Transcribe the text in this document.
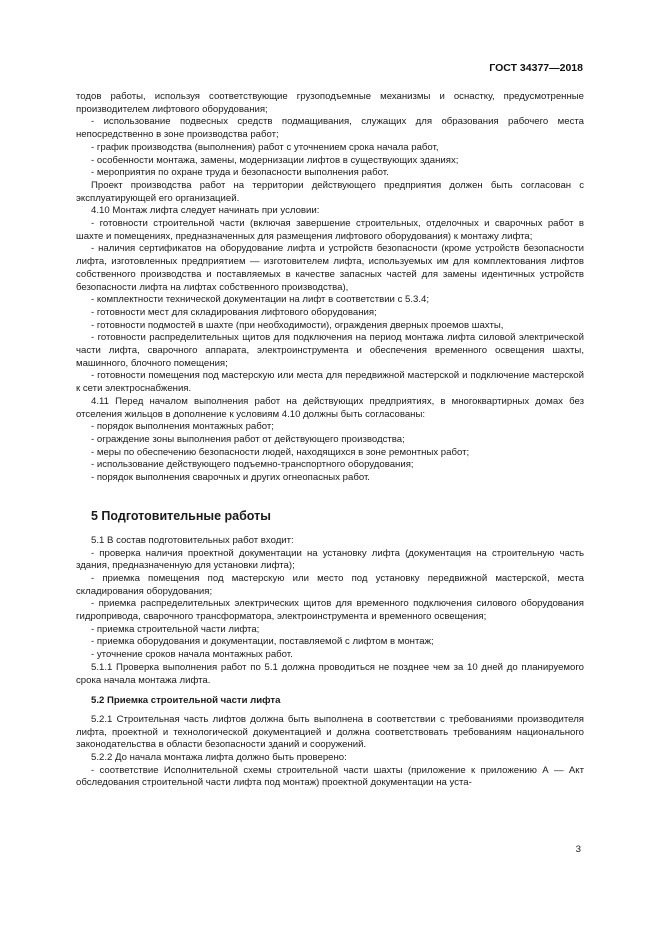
ГОСТ 34377—2018

тодов работы, используя соответствующие грузоподъемные механизмы и оснастку, предусмотренные производителем лифтового оборудования;

- использование подвесных средств подмащивания, служащих для образования рабочего места непосредственно в зоне производства работ;

- график производства (выполнения) работ с уточнением срока начала работ,

- особенности монтажа, замены, модернизации лифтов в существующих зданиях;

- мероприятия по охране труда и безопасности выполнения работ.

Проект производства работ на территории действующего предприятия должен быть согласован с эксплуатирующей его организацией.

4.10 Монтаж лифта следует начинать при условии:

- готовности строительной части (включая завершение строительных, отделочных и сварочных работ в шахте и помещениях, предназначенных для размещения лифтового оборудования) к монтажу лифта;

- наличия сертификатов на оборудование лифта и устройств безопасности (кроме устройств безопасности лифта, изготовленных предприятием — изготовителем лифта, используемых им для комплектования лифтов собственного производства и поставляемых в качестве запасных частей для замены идентичных устройств безопасности лифта на лифтах собственного производства),

- комплектности технической документации на лифт в соответствии с 5.3.4;

- готовности мест для складирования лифтового оборудования;

- готовности подмостей в шахте (при необходимости), ограждения дверных проемов шахты,

- готовности распределительных щитов для подключения на период монтажа лифта силовой электрической части лифта, сварочного аппарата, электроинструмента и обеспечения временного освещения шахты, машинного, блочного помещения;

- готовности помещения под мастерскую или места для передвижной мастерской и подключение мастерской к сети электроснабжения.

4.11 Перед началом выполнения работ на действующих предприятиях, в многоквартирных домах без отселения жильцов в дополнение к условиям 4.10 должны быть согласованы:

- порядок выполнения монтажных работ;

- ограждение зоны выполнения работ от действующего производства;

- меры по обеспечению безопасности людей, находящихся в зоне ремонтных работ;

- использование действующего подъемно-транспортного оборудования;

- порядок выполнения сварочных и других огнеопасных работ.

5 Подготовительные работы

5.1 В состав подготовительных работ входит:

- проверка наличия проектной документации на установку лифта (документация на строительную часть здания, предназначенную для установки лифта);

- приемка помещения под мастерскую или место под установку передвижной мастерской, места складирования оборудования;

- приемка распределительных электрических щитов для временного подключения силового оборудования гидропривода, сварочного трансформатора, электроинструмента и временного освещения;

- приемка строительной части лифта;

- приемка оборудования и документации, поставляемой с лифтом в монтаж;

- уточнение сроков начала монтажных работ.

5.1.1 Проверка выполнения работ по 5.1 должна проводиться не позднее чем за 10 дней до планируемого срока начала монтажа лифта.

5.2 Приемка строительной части лифта

5.2.1 Строительная часть лифтов должна быть выполнена в соответствии с требованиями производителя лифта, проектной и технологической документацией и должна соответствовать требованиям национального законодательства в области безопасности зданий и сооружений.

5.2.2 До начала монтажа лифта должно быть проверено:

- соответствие Исполнительной схемы строительной части шахты (приложение к приложению А — Акт обследования строительной части лифта под монтаж) проектной документации на уста-

3
